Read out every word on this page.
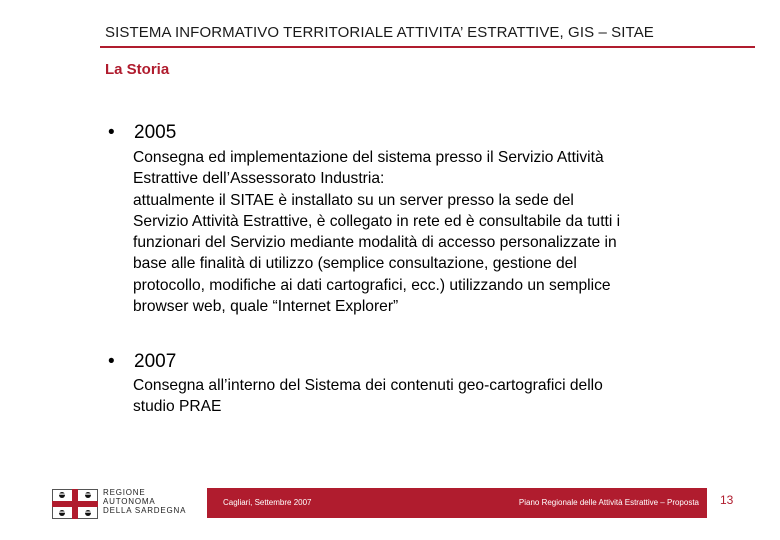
SISTEMA INFORMATIVO TERRITORIALE ATTIVITA’ ESTRATTIVE, GIS – SITAE
La Storia
• 2005
Consegna ed implementazione del sistema presso il Servizio Attività
Estrattive dell’Assessorato Industria:
attualmente il SITAE è installato su un server presso la sede del
Servizio Attività Estrattive, è collegato in rete ed è consultabile da tutti i
funzionari del Servizio mediante modalità di accesso personalizzate in
base alle finalità di utilizzo (semplice consultazione, gestione del
protocollo, modifiche ai dati cartografici, ecc.) utilizzando un semplice
browser web, quale “Internet Explorer”
• 2007
Consegna all’interno del Sistema dei contenuti geo-cartografici dello
studio PRAE
REGIONE
AUTONOMA
DELLA SARDEGNA
Cagliari, Settembre 2007	Piano Regionale delle Attività Estrattive – Proposta 13
